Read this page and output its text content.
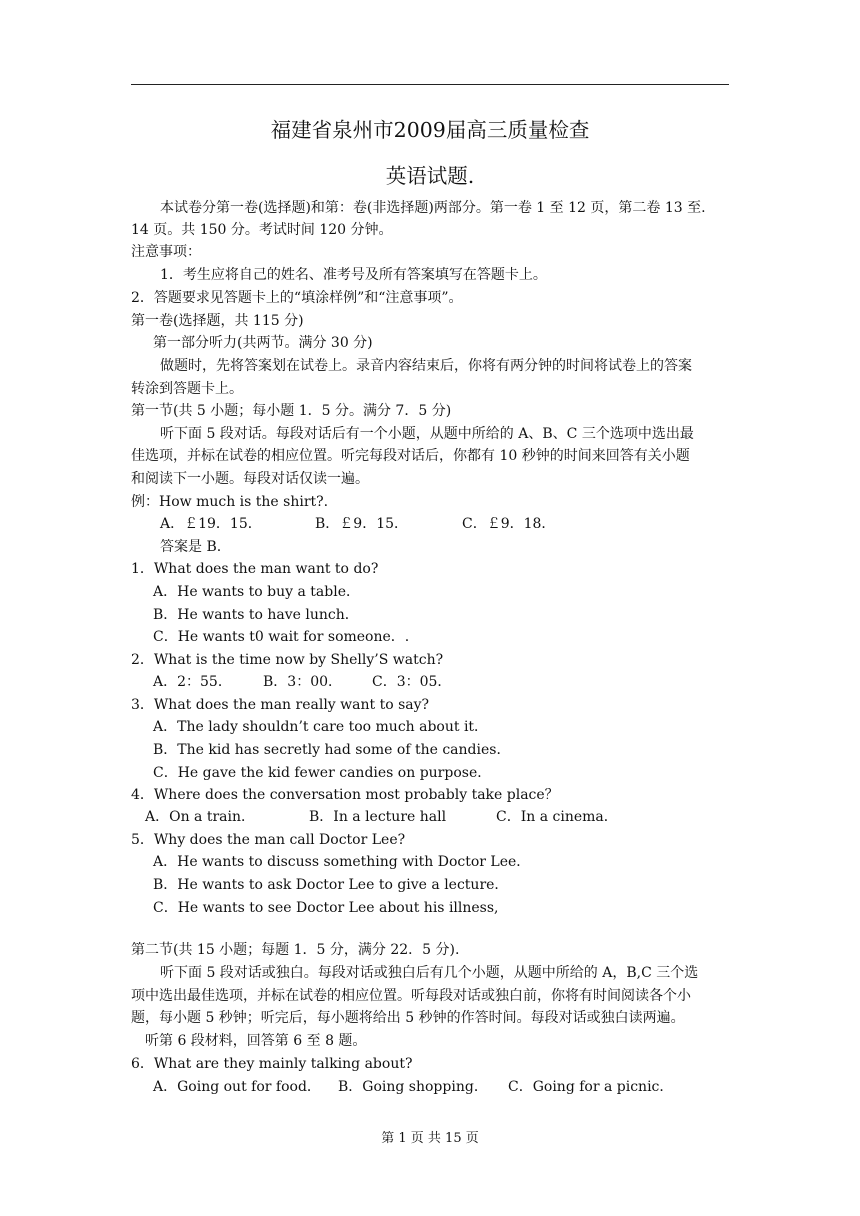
福建省泉州市2009届高三质量检查
英语试题.
本试卷分第一卷(选择题)和第：卷(非选择题)两部分。第一卷 1 至 12 页，第二卷 13 至.
14 页。共 150 分。考试时间 120 分钟。
注意事项：
1．考生应将自己的姓名、准考号及所有答案填写在答题卡上。
2．答题要求见答题卡上的“填涂样例”和“注意事项”。
第一卷(选择题，共 115 分)
第一部分听力(共两节。满分 30 分)
做题时，先将答案划在试卷上。录音内容结束后，你将有两分钟的时间将试卷上的答案
转涂到答题卡上。
第一节(共 5 小题；每小题 1．5 分。满分 7．5 分)
听下面 5 段对话。每段对话后有一个小题，从题中所给的 A、B、C 三个选项中选出最
佳选项，并标在试卷的相应位置。听完每段对话后，你都有 10 秒钟的时间来回答有关小题
和阅读下一小题。每段对话仅读一遍。
例：How much is the shirt?.
A．￡19．15．	B．￡9．15．	C．￡9．18．
答案是 B.
1．What does the man want to do?
A．He wants to buy a table．
B．He wants to have lunch．
C．He wants t0 wait for someone．.
2．What is the time now by Shelly’S watch?
A．2：55． B．3：00． C．3：05．
3．What does the man really want to say?
A．The lady shouldn’t care too much about it．
B．The kid has secretly had some of the candies．
C．He gave the kid fewer candies on purpose．
4．Where does the conversation most probably take place？
A．On a train．	B．In a lecture hall	C．In a cinema．
5．Why does the man call Doctor Lee?
A．He wants to discuss something with Doctor Lee．
B．He wants to ask Doctor Lee to give a lecture．
C．He wants to see Doctor Lee about his illness,
第二节(共 15 小题；每题 1．5 分，满分 22．5 分).
听下面 5 段对话或独白。每段对话或独白后有几个小题，从题中所给的 A，B,C 三个选
项中选出最佳选项，并标在试卷的相应位置。听每段对话或独白前，你将有时间阅读各个小
题，每小题 5 秒钟；听完后，每小题将给出 5 秒钟的作答时间。每段对话或独白读两遍。
听第 6 段材料，回答第 6 至 8 题。
6．What are they mainly talking about?
A．Going out for food． B．Going shopping． C．Going for a picnic．
第 1 页 共 15 页
